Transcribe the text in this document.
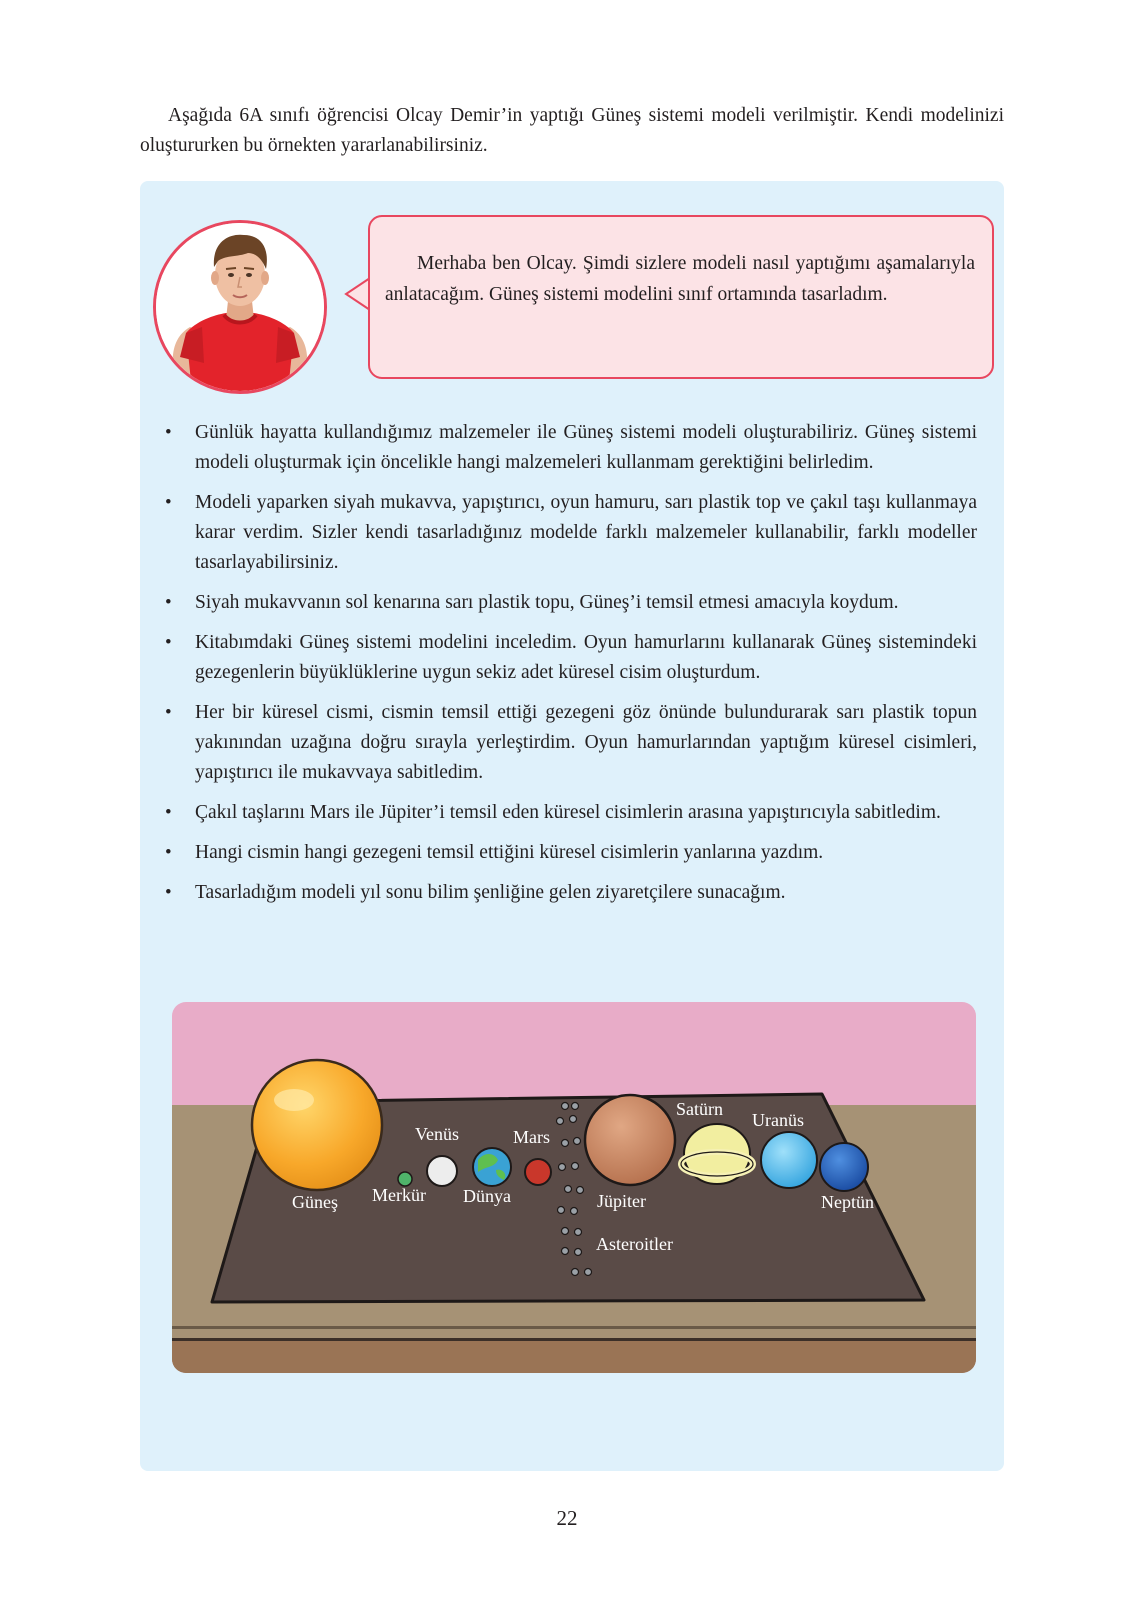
Aşağıda 6A sınıfı öğrencisi Olcay Demir’in yaptığı Güneş sistemi modeli verilmiştir. Kendi modelinizi oluştururken bu örnekten yararlanabilirsiniz.

Merhaba ben Olcay. Şimdi sizlere modeli nasıl yaptığımı aşamalarıyla anlatacağım. Güneş sistemi modelini sınıf ortamında tasarladım.

• Günlük hayatta kullandığımız malzemeler ile Güneş sistemi modeli oluşturabiliriz. Güneş sistemi modeli oluşturmak için öncelikle hangi malzemeleri kullanmam gerektiğini belirledim.
• Modeli yaparken siyah mukavva, yapıştırıcı, oyun hamuru, sarı plastik top ve çakıl taşı kullanmaya karar verdim. Sizler kendi tasarladığınız modelde farklı malzemeler kullanabilir, farklı modeller tasarlayabilirsiniz.
• Siyah mukavvanın sol kenarına sarı plastik topu, Güneş’i temsil etmesi amacıyla koydum.
• Kitabımdaki Güneş sistemi modelini inceledim. Oyun hamurlarını kullanarak Güneş sistemindeki gezegenlerin büyüklüklerine uygun sekiz adet küresel cisim oluşturdum.
• Her bir küresel cismi, cismin temsil ettiği gezegeni göz önünde bulundurarak sarı plastik topun yakınından uzağına doğru sırayla yerleştirdim. Oyun hamurlarından yaptığım küresel cisimleri, yapıştırıcı ile mukavvaya sabitledim.
• Çakıl taşlarını Mars ile Jüpiter’i temsil eden küresel cisimlerin arasına yapıştırıcıyla sabitledim.
• Hangi cismin hangi gezegeni temsil ettiğini küresel cisimlerin yanlarına yazdım.
• Tasarladığım modeli yıl sonu bilim şenliğine gelen ziyaretçilere sunacağım.
Güneş Merkür
Venüs
Dünya
Mars
Jüpiter
Satürn
Uranüs
Neptün
Asteroitler
22
